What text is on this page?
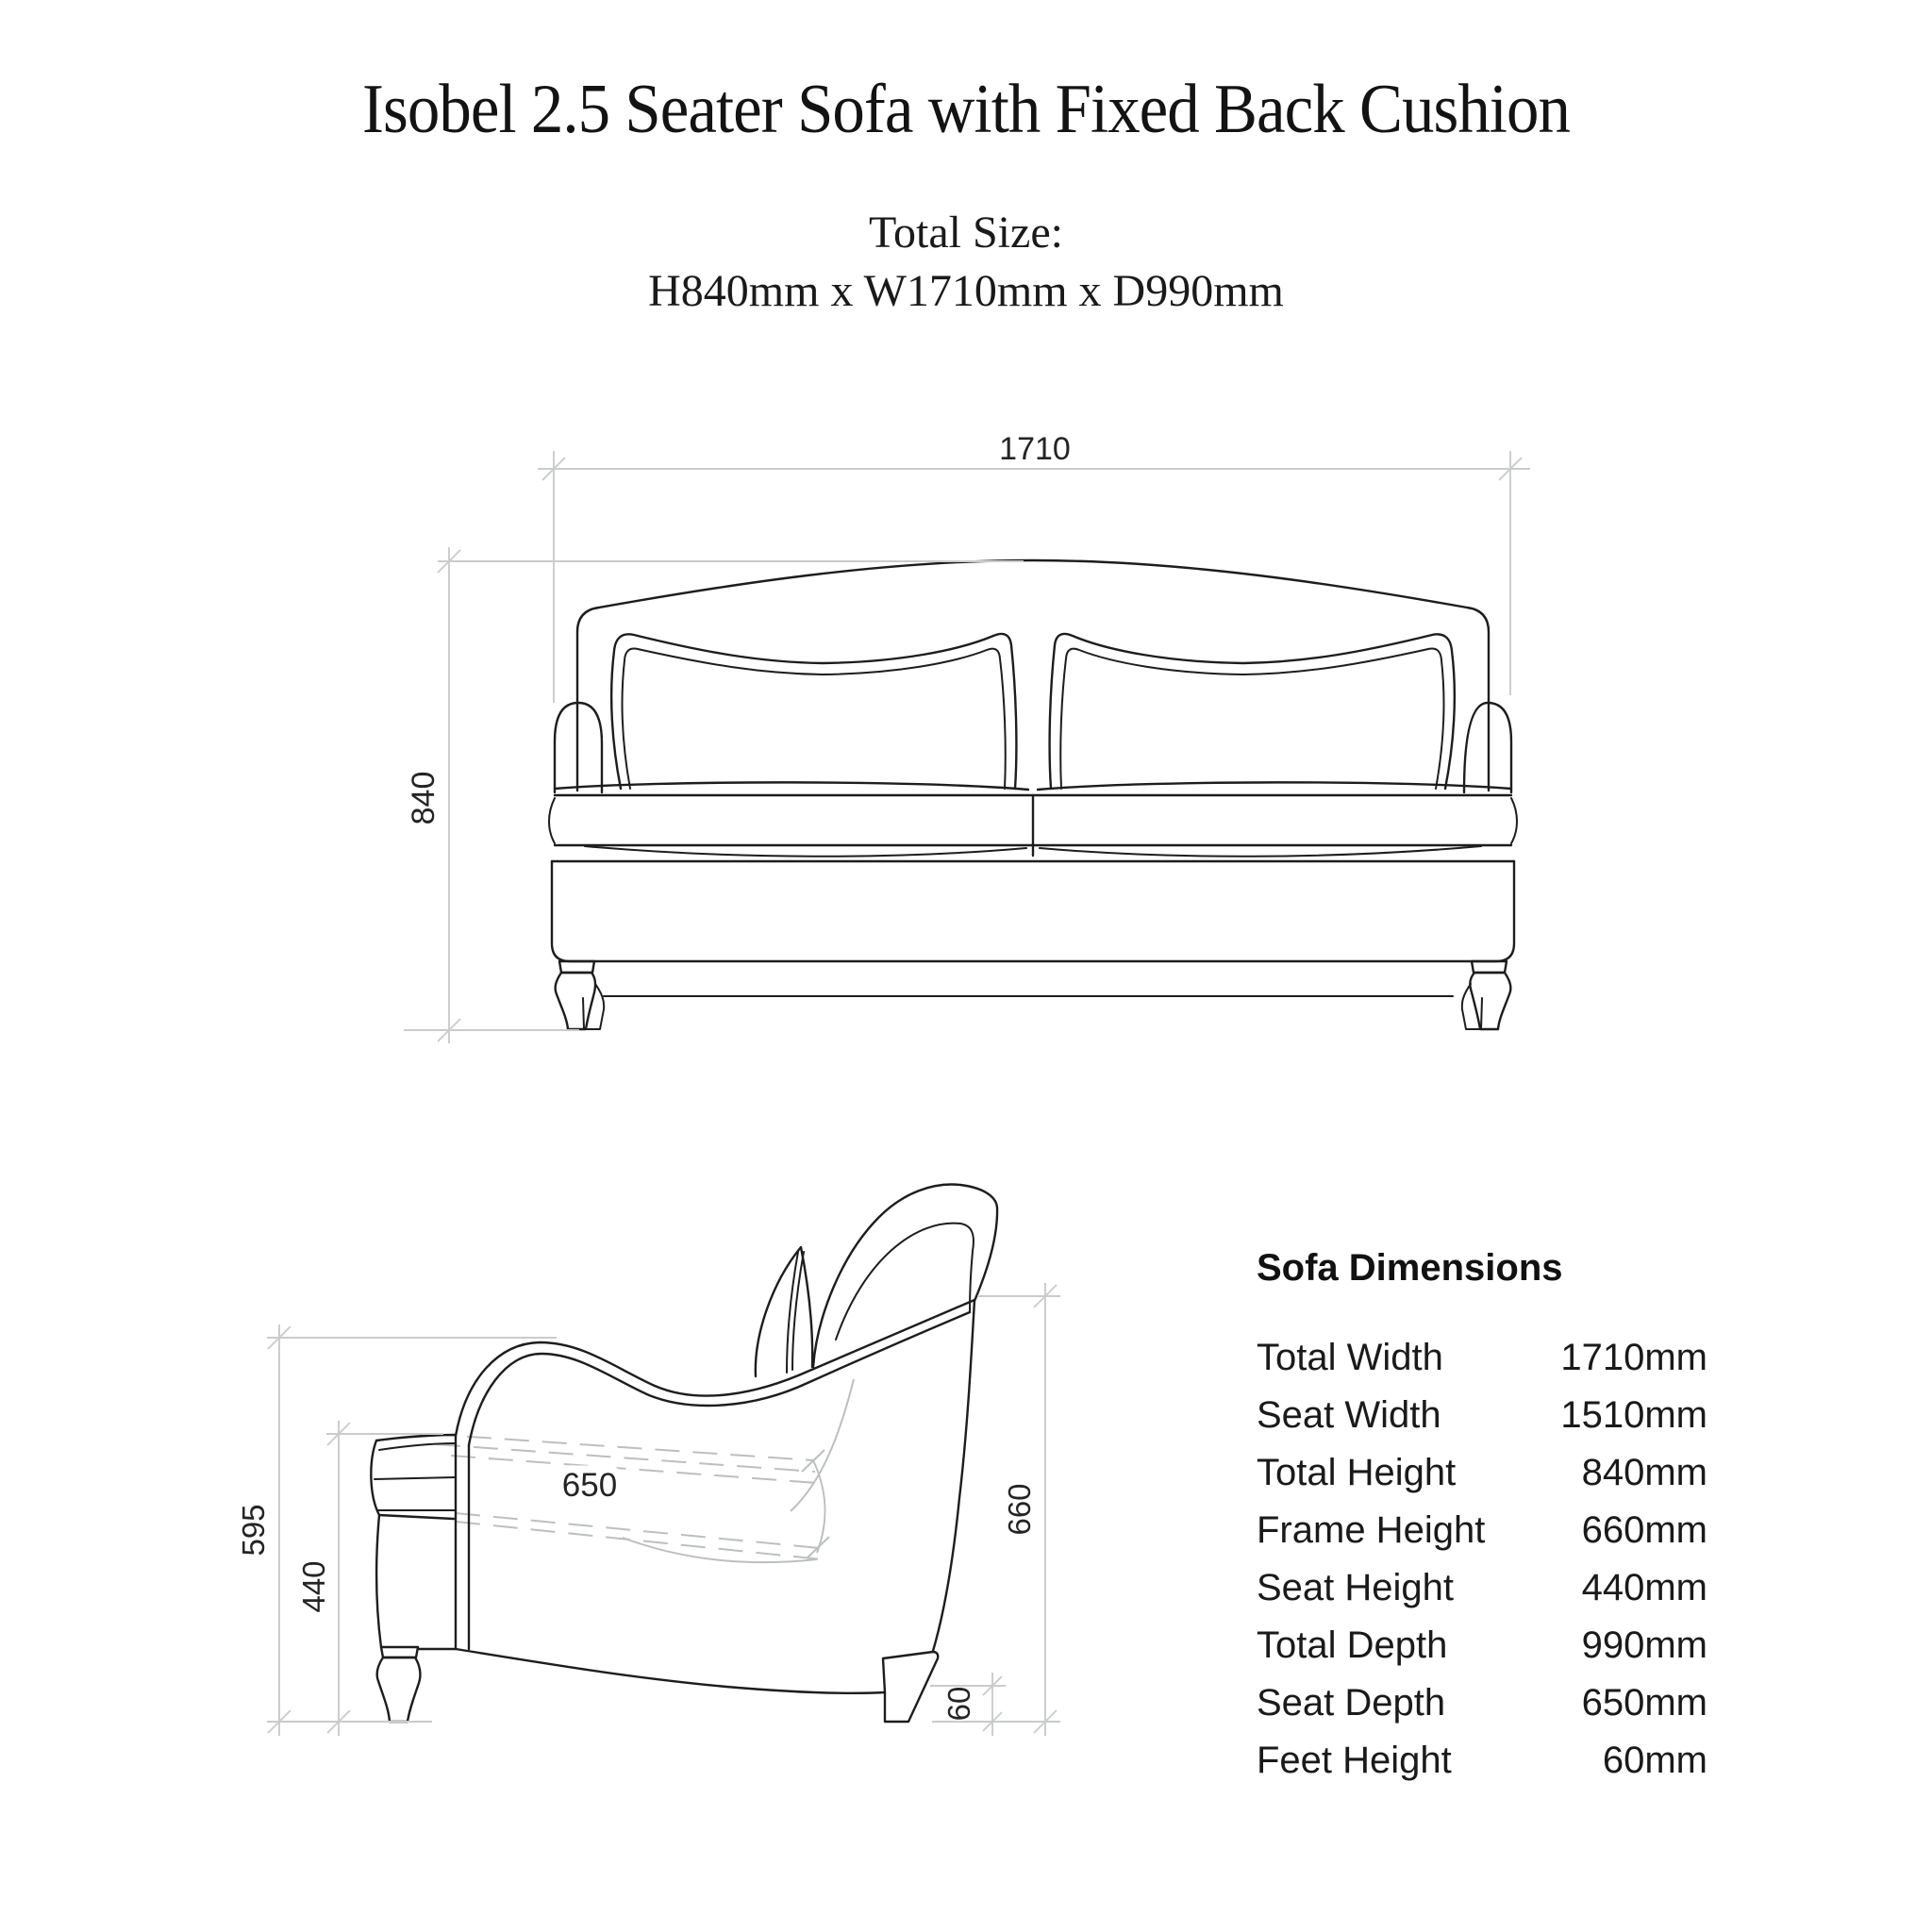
Isobel 2.5 Seater Sofa with Fixed Back Cushion
Total Size:
H840mm x W1710mm x D990mm
1710
840
595
440
660
60
650
Sofa Dimensions
Total Width	1710mm
Seat Width	1510mm
Total Height	840mm
Frame Height	660mm
Seat Height	440mm
Total Depth	990mm
Seat Depth	650mm
Feet Height	60mm
